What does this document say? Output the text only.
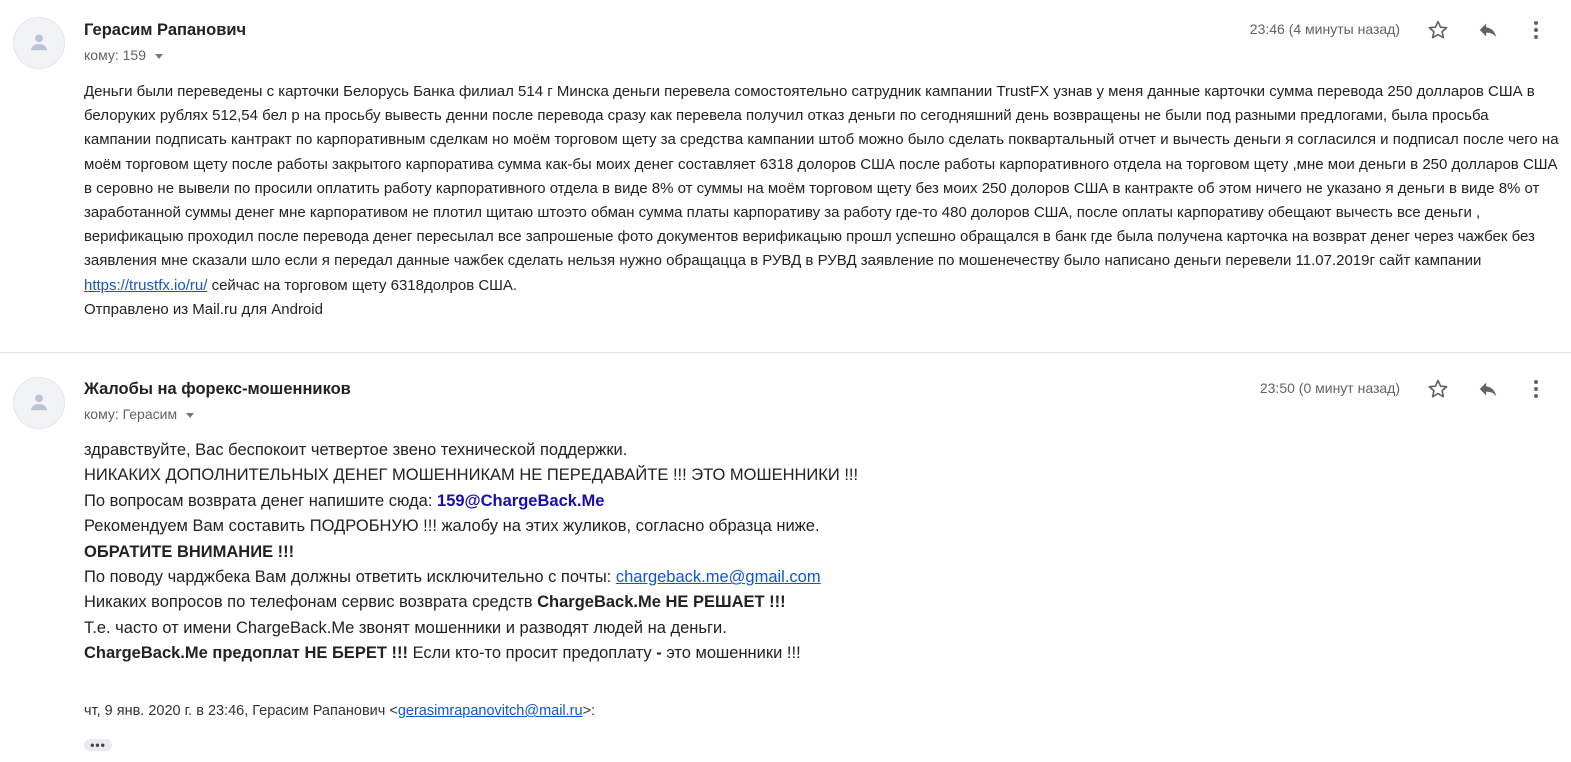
Герасим Рапанович
кому: 159
23:46 (4 минуты назад)

Деньги были переведены с карточки Белорусь Банка филиал 514 г Минска деньги перевела сомостоятельно сатрудник кампании TrustFX узнав у меня данные карточки сумма перевода 250 долларов США в белоруких рублях 512,54 бел р на просьбу вывесть денни после перевода сразу как перевела получил отказ деньги по сегодняшний день возвращены не были под разными предлогами, была просьба кампании подписать кантракт по карпоративным сделкам но моём торговом щету за средства кампании штоб можно было сделать поквартальный отчет и вычесть деньги я согласился и подписал после чего на моём торговом щету после работы закрытого карпоратива сумма как-бы моих денег составляет 6318 долоров США после работы карпоративного отдела на торговом щету ,мне мои деньги в 250 долларов США в серовно не вывели по просили оплатить работу карпоративного отдела в виде 8% от суммы на моём торговом щету без моих 250 долоров США в кантракте об этом ничего не указано я деньги в виде 8% от заработанной суммы денег мне карпоративом не плотил щитаю штоэто обман сумма платы карпоративу за работу где-то 480 долоров США, после оплаты карпоративу обещают вычесть все деньги , верификацыю проходил после перевода денег пересылал все запрошеные фото документов верификацыю прошл успешно обращался в банк где была получена карточка на возврат денег через чажбек без заявления мне сказали шло если я передал данные чажбек сделать нельзя нужно обращацца в РУВД в РУВД заявление по мошенечеству было написано деньги перевели 11.07.2019г сайт кампании https://trustfx.io/ru/ сейчас на торговом щету 6318долров США.

Отправлено из Mail.ru для Android

Жалобы на форекс-мошенников
кому: Герасим
23:50 (0 минут назад)
здравствуйте, Вас беспокоит четвертое звено технической поддержки.
НИКАКИХ ДОПОЛНИТЕЛЬНЫХ ДЕНЕГ МОШЕННИКАМ НЕ ПЕРЕДАВАЙТЕ !!! ЭТО МОШЕННИКИ !!!
По вопросам возврата денег напишите сюда: 159@ChargeBack.Me
Рекомендуем Вам составить ПОДРОБНУЮ !!! жалобу на этих жуликов, согласно образца ниже.
ОБРАТИТЕ ВНИМАНИЕ !!!
По поводу чарджбека Вам должны ответить исключительно с почты: chargeback.me@gmail.com
Никаких вопросов по телефонам сервис возврата средств ChargeBack.Me НЕ РЕШАЕТ !!!
Т.е. часто от имени ChargeBack.Me звонят мошенники и разводят людей на деньги.
ChargeBack.Me предоплат НЕ БЕРЕТ !!! Если кто-то просит предоплату - это мошенники !!!
чт, 9 янв. 2020 г. в 23:46, Герасим Рапанович <gerasimrapanovitch@mail.ru>:
•••
